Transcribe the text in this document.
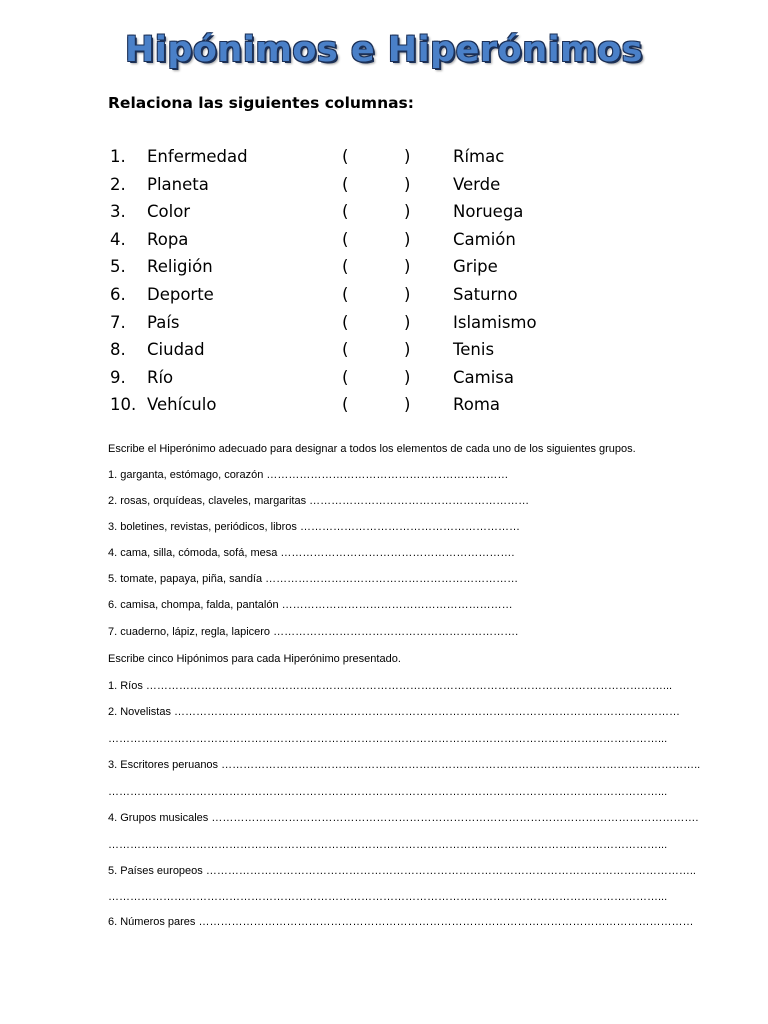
Hipónimos e Hiperónimos
Relaciona las siguientes columnas:
1. Enfermedad	(	)	Rímac
2. Planeta	(	)	Verde
3. Color	(	)	Noruega
4. Ropa	(	)	Camión
5. Religión	(	)	Gripe
6. Deporte	(	)	Saturno
7. País	(	)	Islamismo
8. Ciudad	(	)	Tenis
9. Río	(	)	Camisa
10. Vehículo	(	)	Roma
Escribe el Hiperónimo adecuado para designar a todos los elementos de cada uno de los siguientes grupos.
1. garganta, estómago, corazón …………………………………………………………
2. rosas, orquídeas, claveles, margaritas ……………………………………………………
3. boletines, revistas, periódicos, libros ……………………………………………………
4. cama, silla, cómoda, sofá, mesa ……………………………………………………….
5. tomate, papaya, piña, sandía ……………………………………………………………
6. camisa, chompa, falda, pantalón ………………………………………………………
7. cuaderno, lápiz, regla, lapicero ………………………………………………………….
Escribe cinco Hipónimos para cada Hiperónimo presentado.
1. Ríos ……………………………………………………………………………………………………………………………...
2. Novelistas …………………………………………………………………………………………………………………………
……………………………………………………………………………………………………………………………………...
3. Escritores peruanos …………………………………………………………………………………………………………………..
……………………………………………………………………………………………………………………………………...
4. Grupos musicales …………………………………………………………………………………………………………………….
……………………………………………………………………………………………………………………………………...
5. Países europeos ……………………………………………………………………………………………………………………..
……………………………………………………………………………………………………………………………………...
6. Números pares ………………………………………………………………………………………………………………………
